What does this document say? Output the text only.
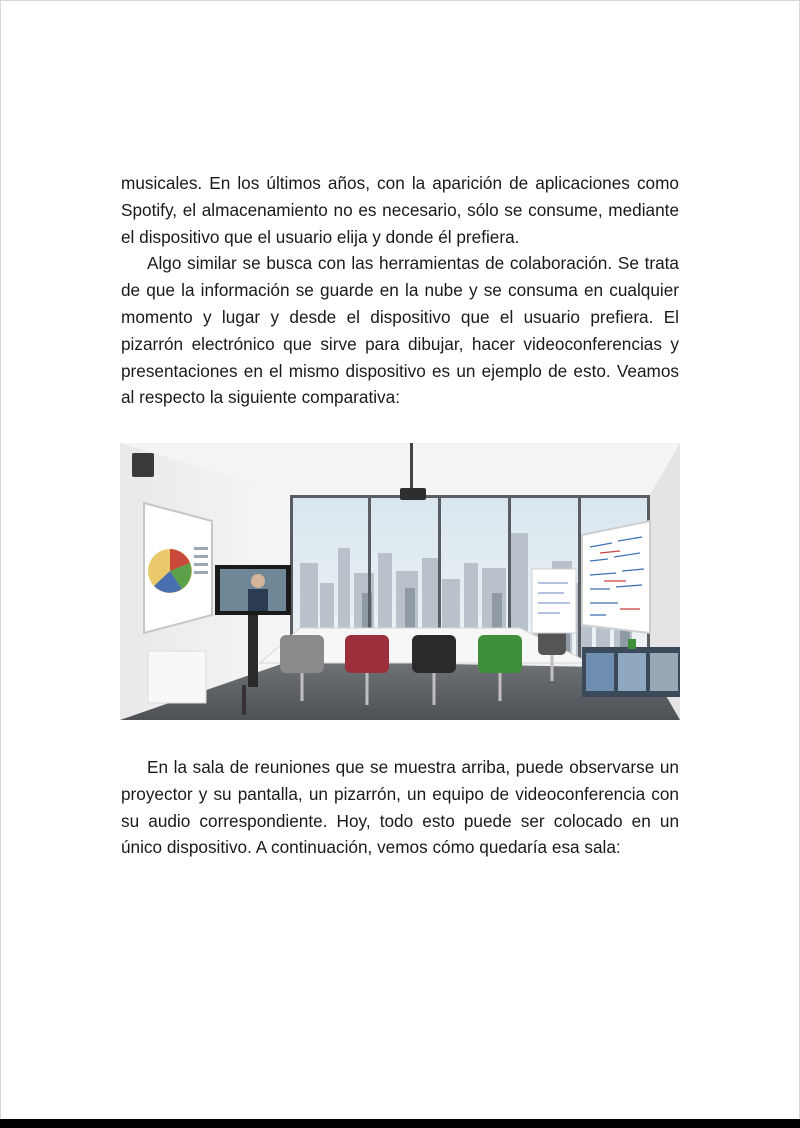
musicales. En los últimos años, con la aparición de aplicaciones como Spotify, el almacenamiento no es necesario, sólo se consume, mediante el dispositivo que el usuario elija y donde él prefiera.

Algo similar se busca con las herramientas de colaboración. Se trata de que la información se guarde en la nube y se consuma en cualquier momento y lugar y desde el dispositivo que el usuario prefiera. El pizarrón electrónico que sirve para dibujar, hacer videoconferencias y presentaciones en el mismo dispositivo es un ejemplo de esto. Veamos al respecto la siguiente comparativa:

En la sala de reuniones que se muestra arriba, puede observarse un proyector y su pantalla, un pizarrón, un equipo de videoconferencia con su audio correspondiente. Hoy, todo esto puede ser colocado en un único dispositivo. A continuación, vemos cómo quedaría esa sala:
